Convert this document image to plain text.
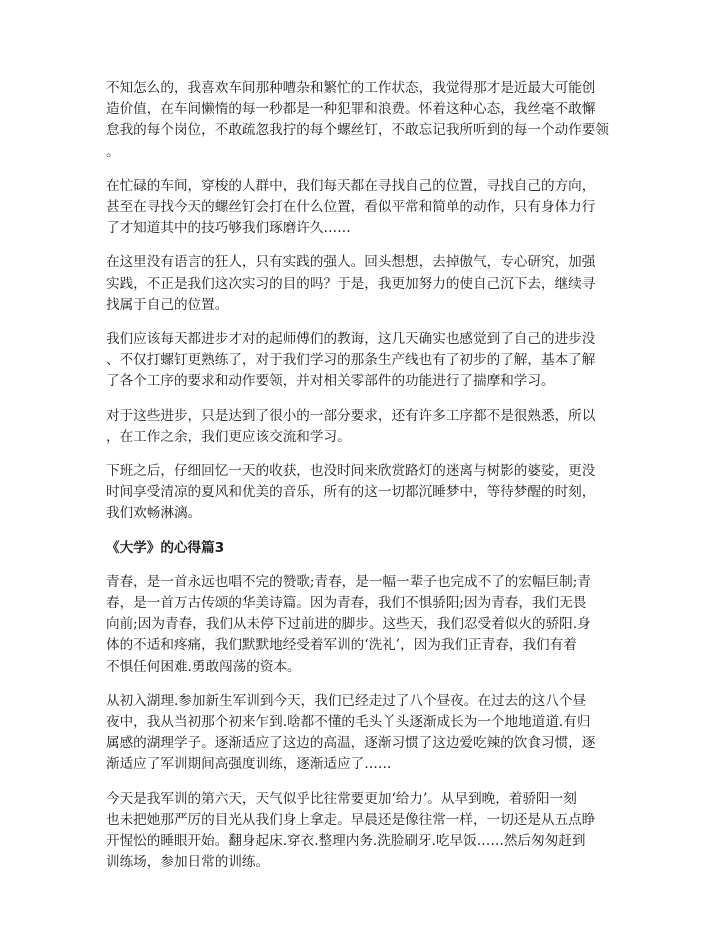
不知怎么的，我喜欢车间那种嘈杂和繁忙的工作状态，我觉得那才是近最大可能创
造价值，在车间懒惰的每一秒都是一种犯罪和浪费。怀着这种心态，我丝毫不敢懈
怠我的每个岗位，不敢疏忽我拧的每个螺丝钉，不敢忘记我所听到的每一个动作要领
。
在忙碌的车间，穿梭的人群中，我们每天都在寻找自己的位置，寻找自己的方向，
甚至在寻找今天的螺丝钉会打在什么位置，看似平常和简单的动作，只有身体力行
了才知道其中的技巧够我们琢磨许久……
在这里没有语言的狂人，只有实践的强人。回头想想，去掉傲气，专心研究，加强
实践，不正是我们这次实习的目的吗？于是，我更加努力的使自己沉下去，继续寻
找属于自己的位置。
我们应该每天都进步才对的起师傅们的教诲，这几天确实也感觉到了自己的进步没
、不仅打螺钉更熟练了，对于我们学习的那条生产线也有了初步的了解，基本了解
了各个工序的要求和动作要领，并对相关零部件的功能进行了揣摩和学习。
对于这些进步，只是达到了很小的一部分要求，还有许多工序都不是很熟悉，所以
，在工作之余，我们更应该交流和学习。
下班之后，仔细回忆一天的收获，也没时间来欣赏路灯的迷离与树影的婆娑，更没
时间享受清凉的夏风和优美的音乐，所有的这一切都沉睡梦中，等待梦醒的时刻，
我们欢畅淋漓。
《大学》的心得篇3
青春，是一首永远也唱不完的赞歌;青春，是一幅一辈子也完成不了的宏幅巨制;青
春，是一首万古传颂的华美诗篇。因为青春，我们不惧骄阳;因为青春，我们无畏
向前;因为青春，我们从未停下过前进的脚步。这些天，我们忍受着似火的骄阳.身
体的不适和疼痛，我们默默地经受着军训的‘洗礼’，因为我们正青春，我们有着
不惧任何困难.勇敢闯荡的资本。
从初入湖理.参加新生军训到今天，我们已经走过了八个昼夜。在过去的这八个昼
夜中，我从当初那个初来乍到.啥都不懂的毛头丫头逐渐成长为一个地地道道.有归
属感的湖理学子。逐渐适应了这边的高温，逐渐习惯了这边爱吃辣的饮食习惯，逐
渐适应了军训期间高强度训练，逐渐适应了……
今天是我军训的第六天，天气似乎比往常要更加‘给力’。从早到晚，着骄阳一刻
也未把她那严厉的目光从我们身上拿走。早晨还是像往常一样，一切还是从五点睁
开惺忪的睡眼开始。翻身起床.穿衣.整理内务.洗脸刷牙.吃早饭……然后匆匆赶到
训练场，参加日常的训练。
